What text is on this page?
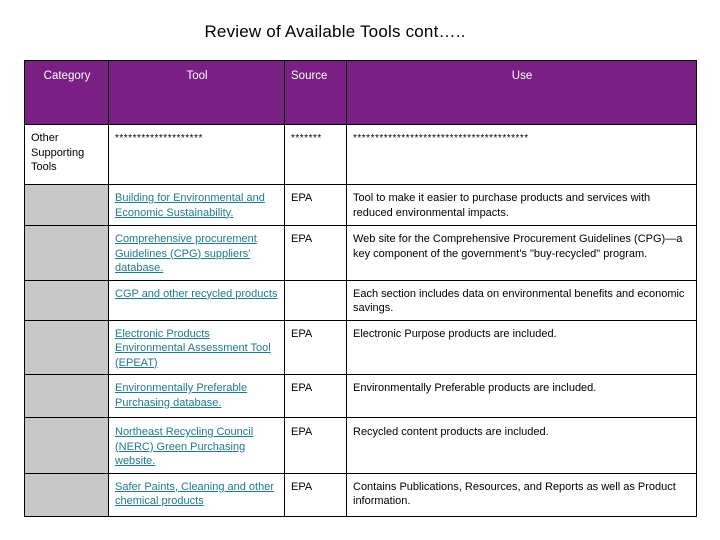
Review of Available Tools cont…..
Category	Tool	Source	Use
Other Supporting Tools	********************	*******	****************************************
	Building for Environmental and Economic Sustainability.	EPA	Tool to make it easier to purchase products and services with reduced environmental impacts.
	Comprehensive procurement Guidelines (CPG) suppliers' database.	EPA	Web site for the Comprehensive Procurement Guidelines (CPG)—a key component of the government's "buy-recycled" program.
	CGP and other recycled products		Each section includes data on environmental benefits and economic savings.
	Electronic Products Environmental Assessment Tool (EPEAT)	EPA	Electronic Purpose products are included.
	Environmentally Preferable Purchasing database.	EPA	Environmentally Preferable products are included.
	Northeast Recycling Council (NERC) Green Purchasing website.	EPA	Recycled content products are included.
	Safer Paints, Cleaning and other chemical products	EPA	Contains Publications, Resources, and Reports as well as Product information.
